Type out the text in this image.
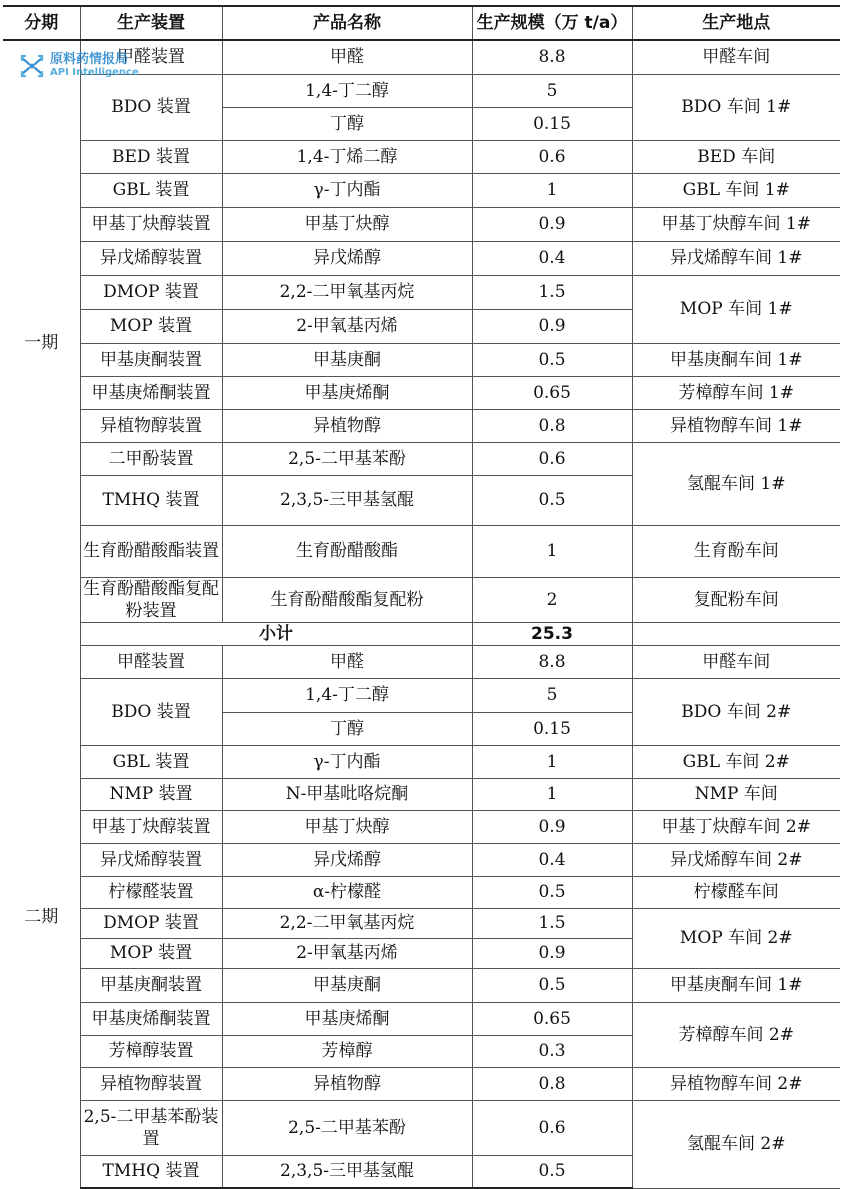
分期	生产装置	产品名称	生产规模（万 t/a）	生产地点
一期	甲醛装置	甲醛	8.8	甲醛车间
	BDO 装置	1,4-丁二醇	5	BDO 车间 1#
		丁醇	0.15	
	BED 装置	1,4-丁烯二醇	0.6	BED 车间
	GBL 装置	γ-丁内酯	1	GBL 车间 1#
	甲基丁炔醇装置	甲基丁炔醇	0.9	甲基丁炔醇车间 1#
	异戊烯醇装置	异戊烯醇	0.4	异戊烯醇车间 1#
	DMOP 装置	2,2-二甲氧基丙烷	1.5	MOP 车间 1#
	MOP 装置	2-甲氧基丙烯	0.9	
	甲基庚酮装置	甲基庚酮	0.5	甲基庚酮车间 1#
	甲基庚烯酮装置	甲基庚烯酮	0.65	芳樟醇车间 1#
	异植物醇装置	异植物醇	0.8	异植物醇车间 1#
	二甲酚装置	2,5-二甲基苯酚	0.6	氢醌车间 1#
	TMHQ 装置	2,3,5-三甲基氢醌	0.5	
	生育酚醋酸酯装置	生育酚醋酸酯	1	生育酚车间
	生育酚醋酸酯复配粉装置	生育酚醋酸酯复配粉	2	复配粉车间
	小计		25.3	
二期	甲醛装置	甲醛	8.8	甲醛车间
	BDO 装置	1,4-丁二醇	5	BDO 车间 2#
		丁醇	0.15	
	GBL 装置	γ-丁内酯	1	GBL 车间 2#
	NMP 装置	N-甲基吡咯烷酮	1	NMP 车间
	甲基丁炔醇装置	甲基丁炔醇	0.9	甲基丁炔醇车间 2#
	异戊烯醇装置	异戊烯醇	0.4	异戊烯醇车间 2#
	柠檬醛装置	α-柠檬醛	0.5	柠檬醛车间
	DMOP 装置	2,2-二甲氧基丙烷	1.5	MOP 车间 2#
	MOP 装置	2-甲氧基丙烯	0.9	
	甲基庚酮装置	甲基庚酮	0.5	甲基庚酮车间 1#
	甲基庚烯酮装置	甲基庚烯酮	0.65	芳樟醇车间 2#
	芳樟醇装置	芳樟醇	0.3	
	异植物醇装置	异植物醇	0.8	异植物醇车间 2#
	2,5-二甲基苯酚装置	2,5-二甲基苯酚	0.6	氢醌车间 2#
	TMHQ 装置	2,3,5-三甲基氢醌	0.5	
原料药情报局
API Intelligence
